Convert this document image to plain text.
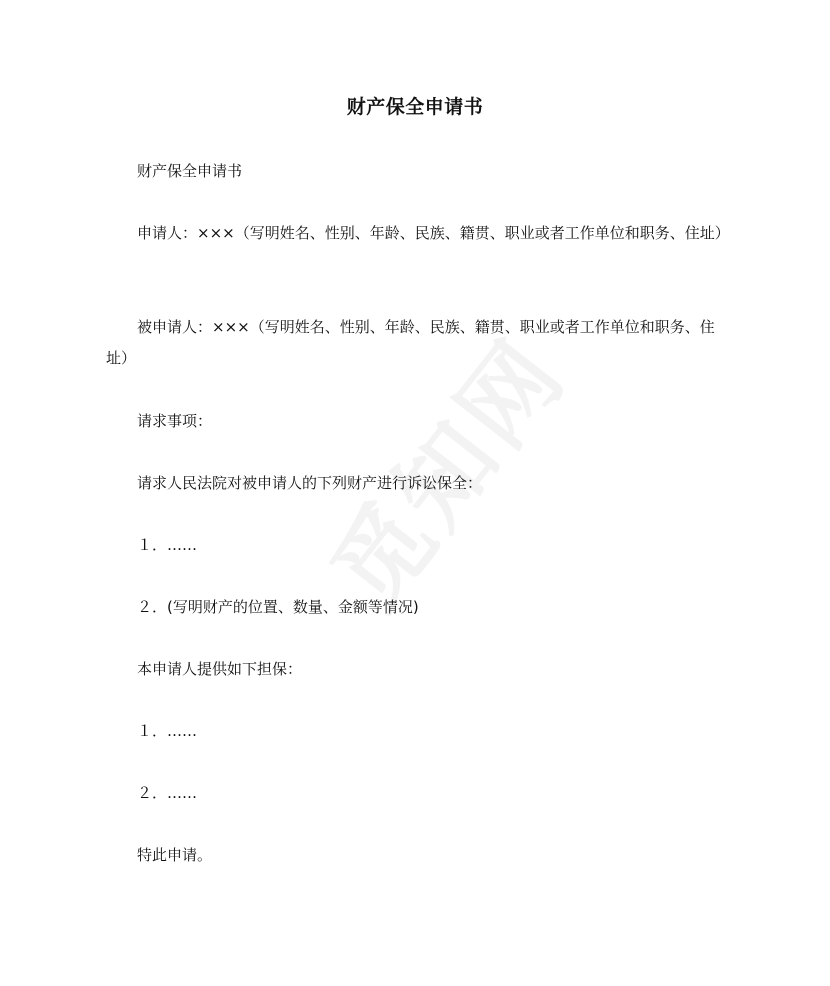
财产保全申请书
财产保全申请书
申请人：×××（写明姓名、性别、年龄、民族、籍贯、职业或者工作单位和职务、住址）
被申请人：×××（写明姓名、性别、年龄、民族、籍贯、职业或者工作单位和职务、住址）
请求事项：
请求人民法院对被申请人的下列财产进行诉讼保全：
１．……
２．(写明财产的位置、数量、金额等情况)
本申请人提供如下担保：
１．……
２．……
特此申请。
